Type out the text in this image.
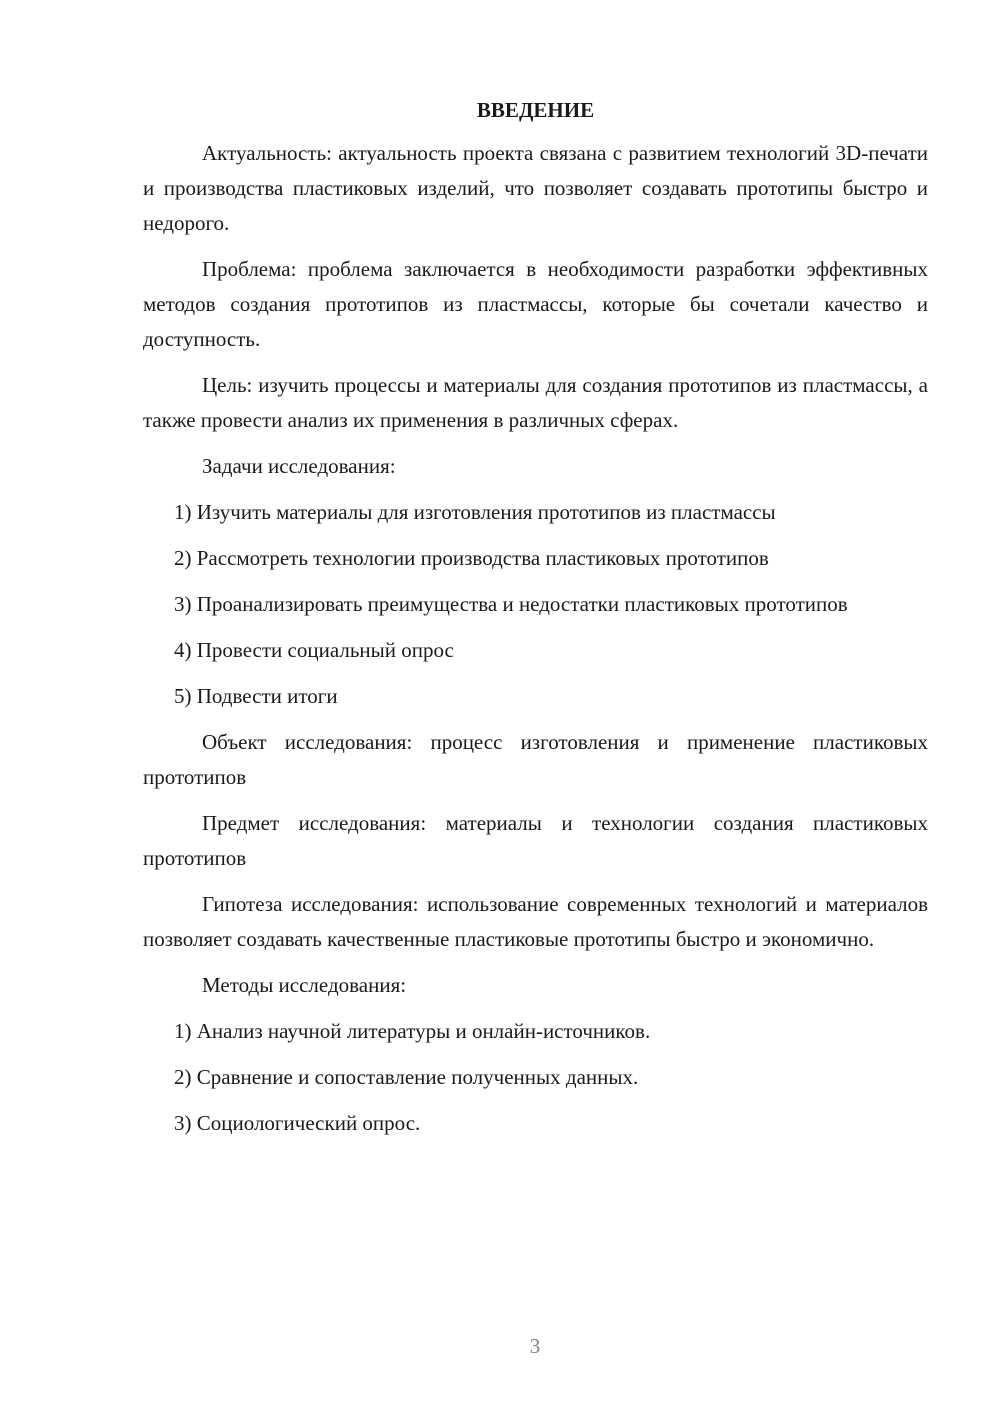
ВВЕДЕНИЕ

Актуальность: актуальность проекта связана с развитием технологий 3D-печати и производства пластиковых изделий, что позволяет создавать прототипы быстро и недорого.

Проблема: проблема заключается в необходимости разработки эффективных методов создания прототипов из пластмассы, которые бы сочетали качество и доступность.

Цель: изучить процессы и материалы для создания прототипов из пластмассы, а также провести анализ их применения в различных сферах.

Задачи исследования:

1) Изучить материалы для изготовления прототипов из пластмассы

2) Рассмотреть технологии производства пластиковых прототипов

3) Проанализировать преимущества и недостатки пластиковых прототипов

4) Провести социальный опрос

5) Подвести итоги

Объект исследования: процесс изготовления и применение пластиковых прототипов

Предмет исследования: материалы и технологии создания пластиковых прототипов

Гипотеза исследования: использование современных технологий и материалов позволяет создавать качественные пластиковые прототипы быстро и экономично.

Методы исследования:

1) Анализ научной литературы и онлайн-источников.

2) Сравнение и сопоставление полученных данных.

3) Социологический опрос.

3
